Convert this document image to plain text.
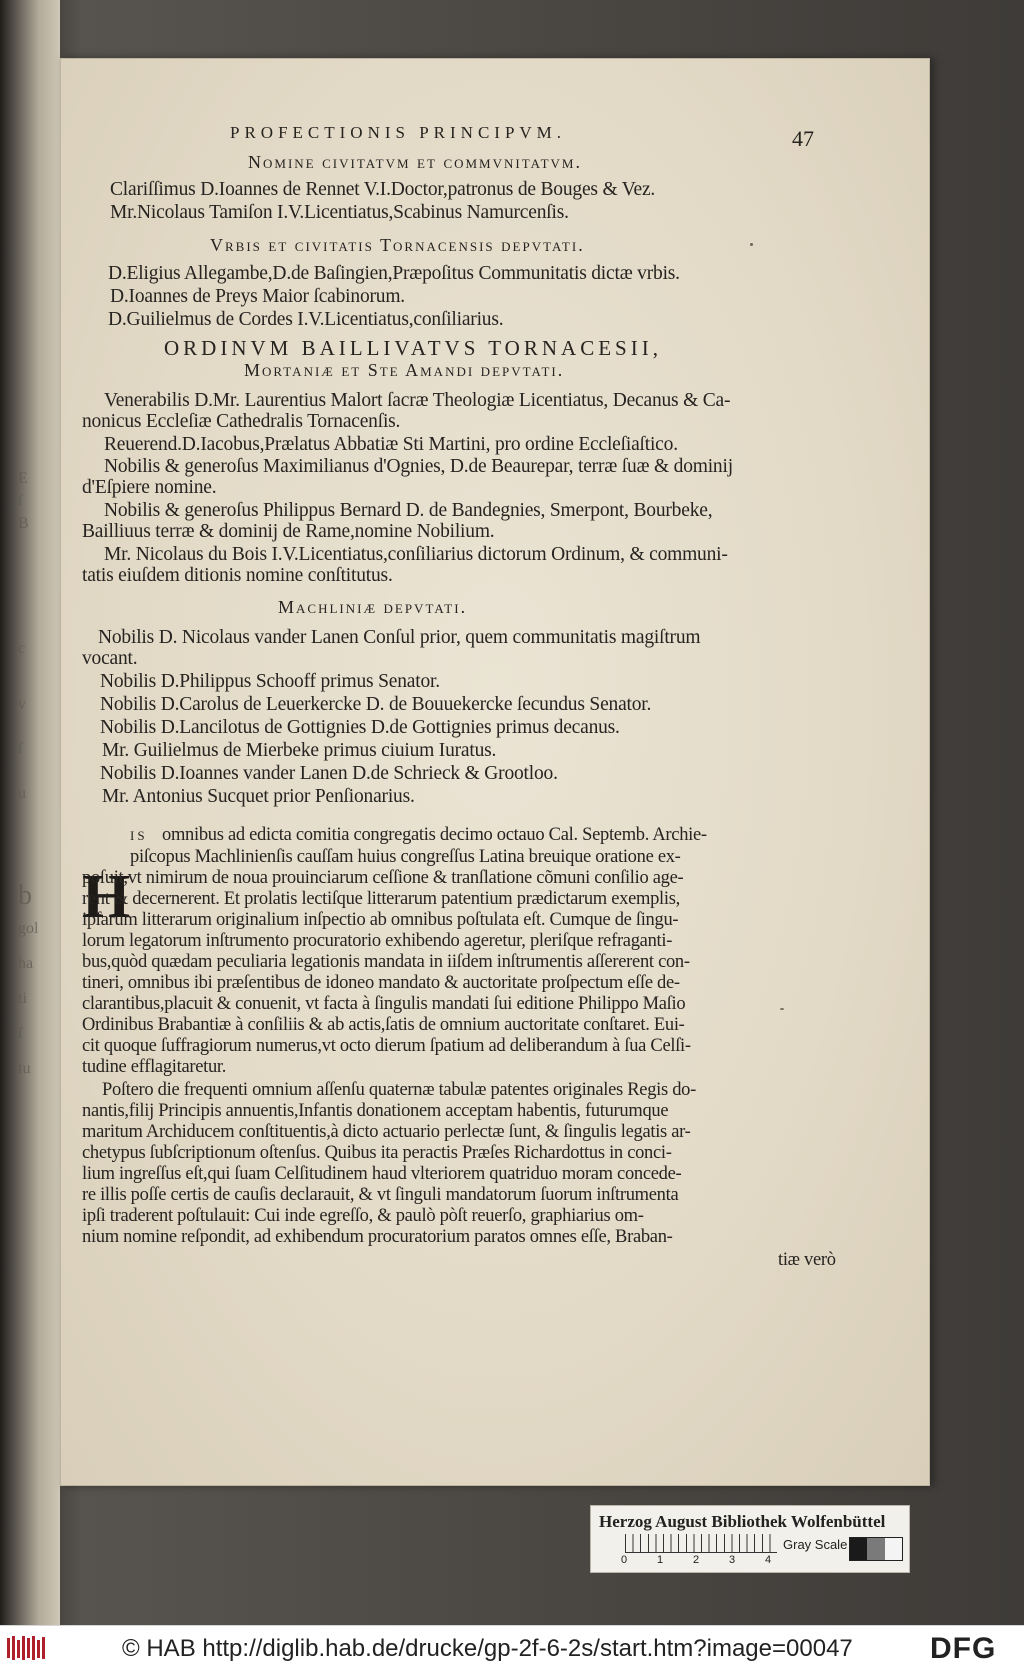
E
ſ
B
c
v
ſ
u
b
gol
ha
ti
ſ
tu
PROFECTIONIS PRINCIPVM.	47
Nomine civitatvm et commvnitatvm.
Clariſſimus D.Ioannes de Rennet V.I.Doctor,patronus de Bouges & Vez.
Mr.Nicolaus Tamiſon I.V.Licentiatus,Scabinus Namurcenſis.
Vrbis et civitatis Tornacensis depvtati.
D.Eligius Allegambe,D.de Baſingien,Præpoſitus Communitatis dictæ vrbis.
D.Ioannes de Preys Maior ſcabinorum.
D.Guilielmus de Cordes I.V.Licentiatus,conſiliarius.
ORDINVM BAILLIVATVS TORNACESII,
Mortaniæ et Ste Amandi depvtati.
Venerabilis D.Mr. Laurentius Malort ſacræ Theologiæ Licentiatus, Decanus & Ca-
nonicus Eccleſiæ Cathedralis Tornacenſis.
Reuerend.D.Iacobus,Prælatus Abbatiæ Sti Martini, pro ordine Eccleſiaſtico.
Nobilis & generoſus Maximilianus d'Ognies, D.de Beaurepar, terræ ſuæ & dominij
d'Eſpiere nomine.
Nobilis & generoſus Philippus Bernard D. de Bandegnies, Smerpont, Bourbeke,
Bailliuus terræ & dominij de Rame,nomine Nobilium.
Mr. Nicolaus du Bois I.V.Licentiatus,conſiliarius dictorum Ordinum, & communi-
tatis eiuſdem ditionis nomine conſtitutus.
Machliniæ depvtati.
Nobilis D. Nicolaus vander Lanen Conſul prior, quem communitatis magiſtrum
vocant.
Nobilis D.Philippus Schooff primus Senator.
Nobilis D.Carolus de Leuerkercke D. de Bouuekercke ſecundus Senator.
Nobilis D.Lancilotus de Gottignies D.de Gottignies primus decanus.
Mr. Guilielmus de Mierbeke primus ciuium Iuratus.
Nobilis D.Ioannes vander Lanen D.de Schrieck & Grootloo.
Mr. Antonius Sucquet prior Penſionarius.
H
is omnibus ad edicta comitia congregatis decimo octauo Cal. Septemb. Archie-
piſcopus Machlinienſis cauſſam huius congreſſus Latina breuique oratione ex-
poſuit,vt nimirum de noua prouinciarum ceſſione & tranſlatione cõmuni conſilio age-
rent & decernerent. Et prolatis lectiſque litterarum patentium prædictarum exemplis,
ipſarum litterarum originalium inſpectio ab omnibus poſtulata eſt. Cumque de ſingu-
lorum legatorum inſtrumento procuratorio exhibendo ageretur, pleriſque refraganti-
bus,quòd quædam peculiaria legationis mandata in iiſdem inſtrumentis aſſererent con-
tineri, omnibus ibi præſentibus de idoneo mandato & auctoritate proſpectum eſſe de-
clarantibus,placuit & conuenit, vt facta à ſingulis mandati ſui editione Philippo Maſio
Ordinibus Brabantiæ à conſiliis & ab actis,ſatis de omnium auctoritate conſtaret. Eui-
cit quoque ſuffragiorum numerus,vt octo dierum ſpatium ad deliberandum à ſua Celſi-
tudine efflagitaretur.
Poſtero die frequenti omnium aſſenſu quaternæ tabulæ patentes originales Regis do-
nantis,filij Principis annuentis,Infantis donationem acceptam habentis, futurumque
maritum Archiducem conſtituentis,à dicto actuario perlectæ ſunt, & ſingulis legatis ar-
chetypus ſubſcriptionum oſtenſus. Quibus ita peractis Præſes Richardottus in conci-
lium ingreſſus eſt,qui ſuam Celſitudinem haud vlteriorem quatriduo moram concede-
re illis poſſe certis de cauſis declarauit, & vt ſinguli mandatorum ſuorum inſtrumenta
ipſi traderent poſtulauit: Cui inde egreſſo, & paulò pòſt reuerſo, graphiarius om-
nium nomine reſpondit, ad exhibendum procuratorium paratos omnes eſſe, Braban-
tiæ verò
Herzog August Bibliothek Wolfenbüttel
0	1	2	3	4
Gray Scale
© HAB http://diglib.hab.de/drucke/gp-2f-6-2s/start.htm?image=00047	DFG
